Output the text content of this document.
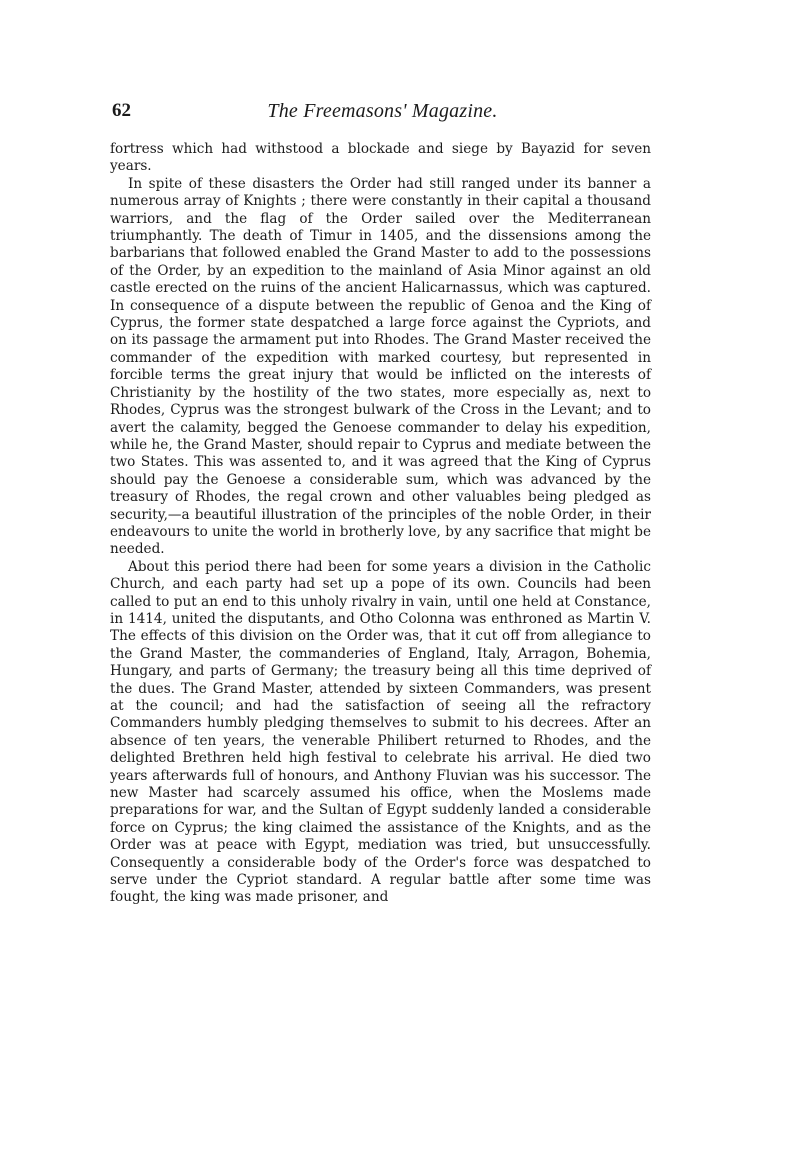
62	The Freemasons' Magazine.

fortress which had withstood a blockade and siege by Bayazid for seven years.

In spite of these disasters the Order had still ranged under its banner a numerous array of Knights ; there were constantly in their capital a thousand warriors, and the flag of the Order sailed over the Mediterranean triumphantly. The death of Timur in 1405, and the dissensions among the barbarians that followed enabled the Grand Master to add to the possessions of the Order, by an expedition to the mainland of Asia Minor against an old castle erected on the ruins of the ancient Halicarnassus, which was captured. In consequence of a dispute between the republic of Genoa and the King of Cyprus, the former state despatched a large force against the Cypriots, and on its passage the armament put into Rhodes. The Grand Master received the commander of the expedition with marked courtesy, but represented in forcible terms the great injury that would be inflicted on the interests of Christianity by the hostility of the two states, more especially as, next to Rhodes, Cyprus was the strongest bulwark of the Cross in the Levant; and to avert the calamity, begged the Genoese commander to delay his expedition, while he, the Grand Master, should repair to Cyprus and mediate between the two States. This was assented to, and it was agreed that the King of Cyprus should pay the Genoese a considerable sum, which was advanced by the treasury of Rhodes, the regal crown and other valuables being pledged as security,—a beautiful illustration of the principles of the noble Order, in their endeavours to unite the world in brotherly love, by any sacrifice that might be needed.

About this period there had been for some years a division in the Catholic Church, and each party had set up a pope of its own. Councils had been called to put an end to this unholy rivalry in vain, until one held at Constance, in 1414, united the disputants, and Otho Colonna was enthroned as Martin V. The effects of this division on the Order was, that it cut off from allegiance to the Grand Master, the commanderies of England, Italy, Arragon, Bohemia, Hungary, and parts of Germany; the treasury being all this time deprived of the dues. The Grand Master, attended by sixteen Commanders, was present at the council; and had the satisfaction of seeing all the refractory Commanders humbly pledging themselves to submit to his decrees. After an absence of ten years, the venerable Philibert returned to Rhodes, and the delighted Brethren held high festival to celebrate his arrival. He died two years afterwards full of honours, and Anthony Fluvian was his successor. The new Master had scarcely assumed his office, when the Moslems made preparations for war, and the Sultan of Egypt suddenly landed a considerable force on Cyprus; the king claimed the assistance of the Knights, and as the Order was at peace with Egypt, mediation was tried, but unsuccessfully. Consequently a considerable body of the Order's force was despatched to serve under the Cypriot standard. A regular battle after some time was fought, the king was made prisoner, and
